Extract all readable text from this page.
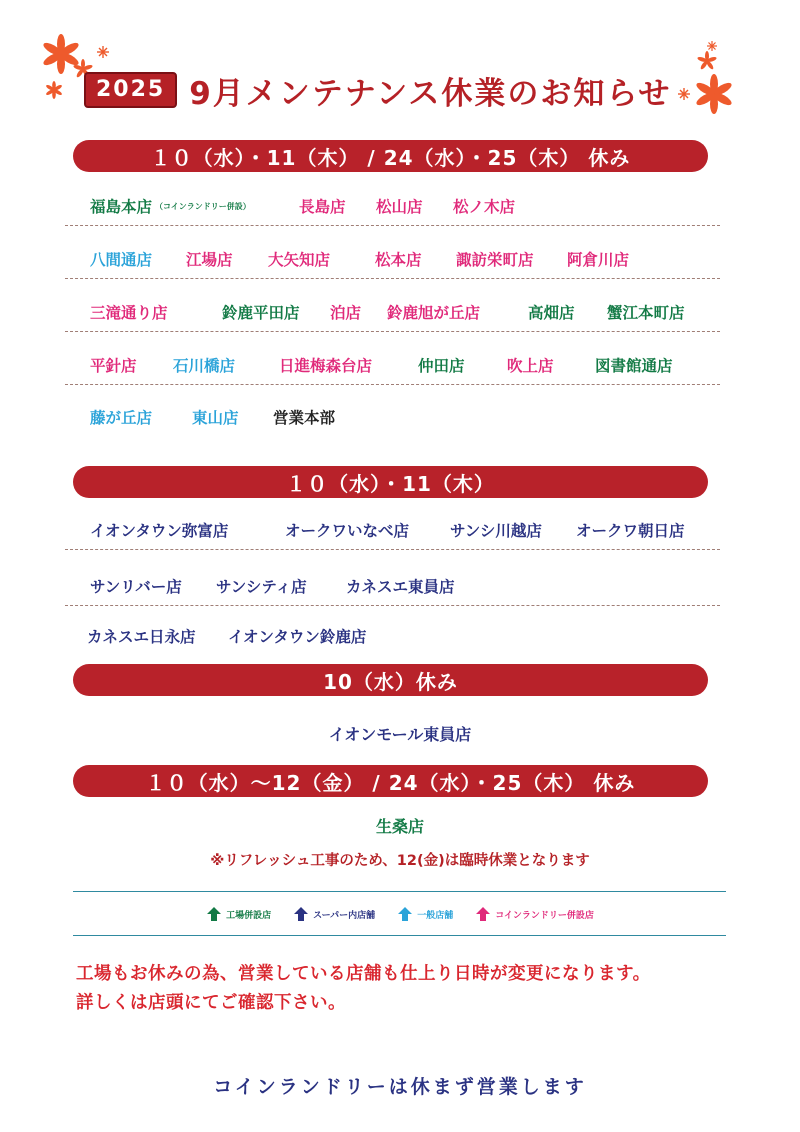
2025 9月メンテナンス休業のお知らせ
１０（水）・11（木） / 24（水）・25（木） 休み
福島本店 $^{(コインランドリー併設)}$	長島店 松山店 松ノ木店
八間通店 江場店 大矢知店	松本店 諏訪栄町店 阿倉川店
三滝通り店	鈴鹿平田店 泊店 鈴鹿旭が丘店	高畑店 蟹江本町店
平針店 石川橋店	日進梅森台店	仲田店	吹上店	図書館通店
藤が丘店	東山店 営業本部
１０（水）・11（木）
イオンタウン弥富店	オークワいなべ店	サンシ川越店 オークワ朝日店
サンリバー店 サンシティ店	カネスエ東員店
カネスエ日永店 イオンタウン鈴鹿店
10（水）休み
イオンモール東員店
１０（水）～12（金） / 24（水）・25（木） 休み
生桑店
※リフレッシュ工事のため、12(金)は臨時休業となります
工場併設店	スーパー内店舗	一般店舗	コインランドリー併設店
工場もお休みの為、営業している店舗も仕上り日時が変更になります。
詳しくは店頭にてご確認下さい。
コインランドリーは休まず営業します
